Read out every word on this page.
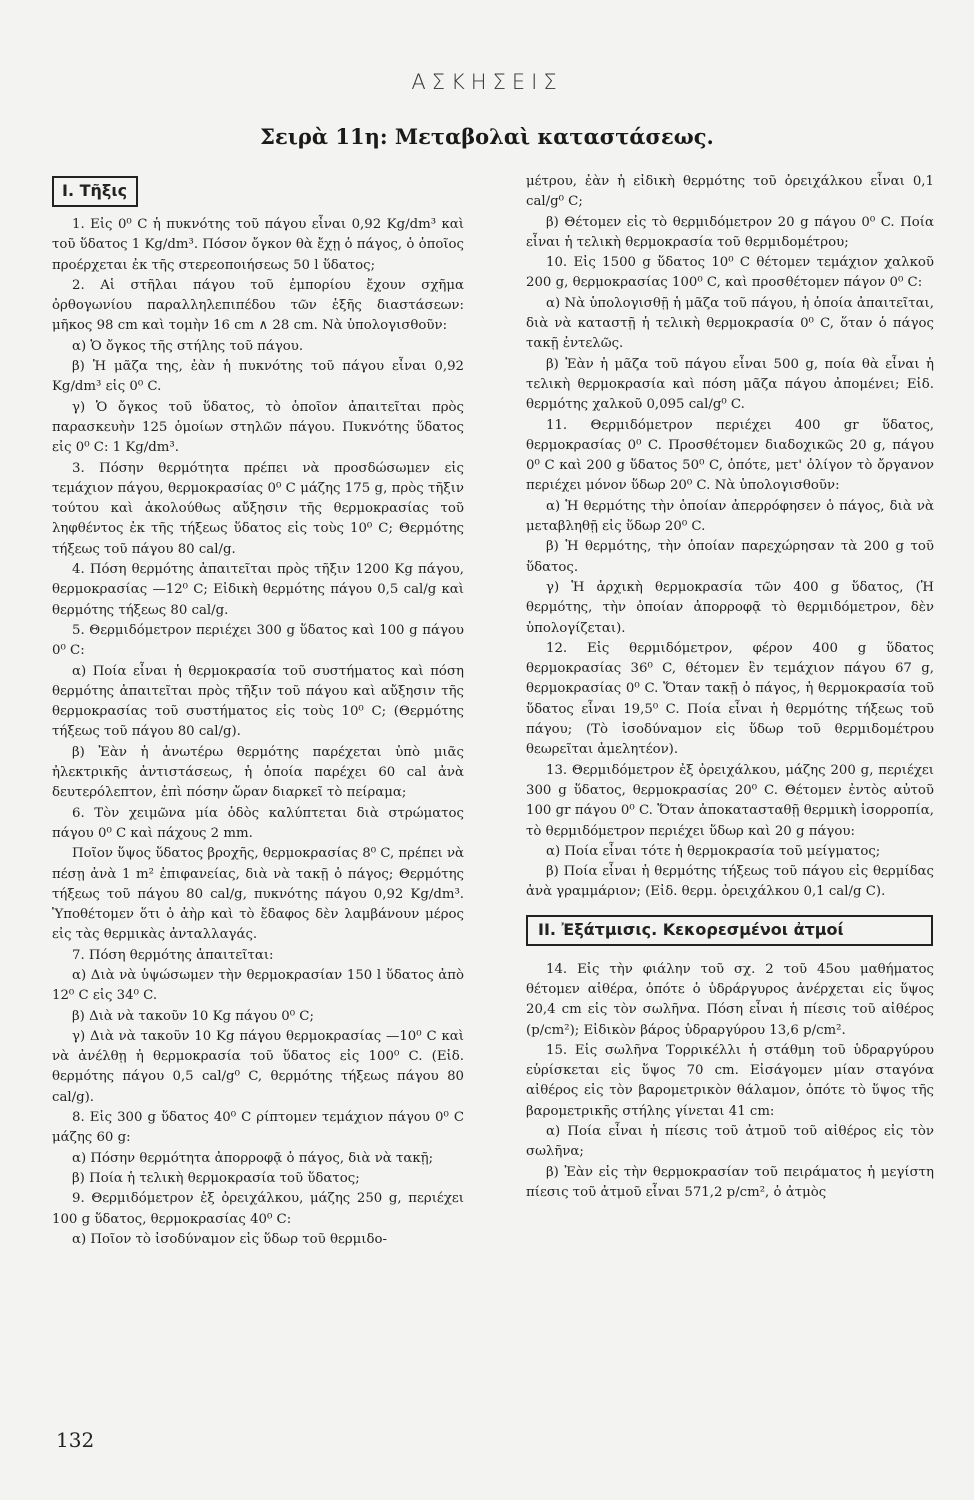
ΑΣΚΗΣΕΙΣ
Σειρὰ 11η: Μεταβολαὶ καταστάσεως.
Ι. Τῆξις

1. Εἰς 0⁰ C ἡ πυκνότης τοῦ πάγου εἶναι 0,92 Kg/dm³ καὶ τοῦ ὕδατος 1 Kg/dm³. Πόσον ὄγκον θὰ ἔχῃ ὁ πάγος, ὁ ὁποῖος προέρχεται ἐκ τῆς στερεοποιήσεως 50 l ὕδατος;

2. Αἱ στῆλαι πάγου τοῦ ἐμπορίου ἔχουν σχῆμα ὀρθογωνίου παραλληλεπιπέδου τῶν ἑξῆς διαστάσεων: μῆκος 98 cm καὶ τομὴν 16 cm ∧ 28 cm. Νὰ ὑπολογισθοῦν:

α) Ὁ ὄγκος τῆς στήλης τοῦ πάγου.

β) Ἡ μᾶζα της, ἐὰν ἡ πυκνότης τοῦ πάγου εἶναι 0,92 Kg/dm³ εἰς 0⁰ C.

γ) Ὁ ὄγκος τοῦ ὕδατος, τὸ ὁποῖον ἀπαιτεῖται πρὸς παρασκευὴν 125 ὁμοίων στηλῶν πάγου. Πυκνότης ὕδατος εἰς 0⁰ C: 1 Kg/dm³.

3. Πόσην θερμότητα πρέπει νὰ προσδώσωμεν εἰς τεμάχιον πάγου, θερμοκρασίας 0⁰ C μάζης 175 g, πρὸς τῆξιν τούτου καὶ ἀκολούθως αὔξησιν τῆς θερμοκρασίας τοῦ ληφθέντος ἐκ τῆς τήξεως ὕδατος εἰς τοὺς 10⁰ C; Θερμότης τήξεως τοῦ πάγου 80 cal/g.

4. Πόση θερμότης ἀπαιτεῖται πρὸς τῆξιν 1200 Kg πάγου, θερμοκρασίας —12⁰ C; Εἰδικὴ θερμότης πάγου 0,5 cal/g καὶ θερμότης τήξεως 80 cal/g.

5. Θερμιδόμετρον περιέχει 300 g ὕδατος καὶ 100 g πάγου 0⁰ C:

α) Ποία εἶναι ἡ θερμοκρασία τοῦ συστήματος καὶ πόση θερμότης ἀπαιτεῖται πρὸς τῆξιν τοῦ πάγου καὶ αὔξησιν τῆς θερμοκρασίας τοῦ συστήματος εἰς τοὺς 10⁰ C; (Θερμότης τήξεως τοῦ πάγου 80 cal/g).

β) Ἐὰν ἡ ἀνωτέρω θερμότης παρέχεται ὑπὸ μιᾶς ἠλεκτρικῆς ἀντιστάσεως, ἡ ὁποία παρέχει 60 cal ἀνὰ δευτερόλεπτον, ἐπὶ πόσην ὥραν διαρκεῖ τὸ πείραμα;

6. Τὸν χειμῶνα μία ὁδὸς καλύπτεται διὰ στρώματος πάγου 0⁰ C καὶ πάχους 2 mm.

Ποῖον ὕψος ὕδατος βροχῆς, θερμοκρασίας 8⁰ C, πρέπει νὰ πέσῃ ἀνὰ 1 m² ἐπιφανείας, διὰ νὰ τακῇ ὁ πάγος; Θερμότης τήξεως τοῦ πάγου 80 cal/g, πυκνότης πάγου 0,92 Kg/dm³. Ὑποθέτομεν ὅτι ὁ ἀὴρ καὶ τὸ ἔδαφος δὲν λαμβάνουν μέρος εἰς τὰς θερμικὰς ἀνταλλαγάς.

7. Πόση θερμότης ἀπαιτεῖται:

α) Διὰ νὰ ὑψώσωμεν τὴν θερμοκρασίαν 150 l ὕδατος ἀπὸ 12⁰ C εἰς 34⁰ C.

β) Διὰ νὰ τακοῦν 10 Kg πάγου 0⁰ C;

γ) Διὰ νὰ τακοῦν 10 Kg πάγου θερμοκρασίας —10⁰ C καὶ νὰ ἀνέλθῃ ἡ θερμοκρασία τοῦ ὕδατος εἰς 100⁰ C. (Εἰδ. θερμότης πάγου 0,5 cal/g⁰ C, θερμότης τήξεως πάγου 80 cal/g).

8. Εἰς 300 g ὕδατος 40⁰ C ρίπτομεν τεμάχιον πάγου 0⁰ C μάζης 60 g:

α) Πόσην θερμότητα ἀπορροφᾷ ὁ πάγος, διὰ νὰ τακῇ;

β) Ποία ἡ τελικὴ θερμοκρασία τοῦ ὕδατος;

9. Θερμιδόμετρον ἐξ ὀρειχάλκου, μάζης 250 g, περιέχει 100 g ὕδατος, θερμοκρασίας 40⁰ C:

α) Ποῖον τὸ ἰσοδύναμον εἰς ὕδωρ τοῦ θερμιδο-

μέτρου, ἐὰν ἡ εἰδικὴ θερμότης τοῦ ὀρειχάλκου εἶναι 0,1 cal/g⁰ C;

β) Θέτομεν εἰς τὸ θερμιδόμετρον 20 g πάγου 0⁰ C. Ποία εἶναι ἡ τελικὴ θερμοκρασία τοῦ θερμιδομέτρου;

10. Εἰς 1500 g ὕδατος 10⁰ C θέτομεν τεμάχιον χαλκοῦ 200 g, θερμοκρασίας 100⁰ C, καὶ προσθέτομεν πάγον 0⁰ C:

α) Νὰ ὑπολογισθῇ ἡ μᾶζα τοῦ πάγου, ἡ ὁποία ἀπαιτεῖται, διὰ νὰ καταστῇ ἡ τελικὴ θερμοκρασία 0⁰ C, ὅταν ὁ πάγος τακῇ ἐντελῶς.

β) Ἐὰν ἡ μᾶζα τοῦ πάγου εἶναι 500 g, ποία θὰ εἶναι ἡ τελικὴ θερμοκρασία καὶ πόση μᾶζα πάγου ἀπομένει; Εἰδ. θερμότης χαλκοῦ 0,095 cal/g⁰ C.

11. Θερμιδόμετρον περιέχει 400 gr ὕδατος, θερμοκρασίας 0⁰ C. Προσθέτομεν διαδοχικῶς 20 g, πάγου 0⁰ C καὶ 200 g ὕδατος 50⁰ C, ὁπότε, μετ' ὀλίγον τὸ ὄργανον περιέχει μόνον ὕδωρ 20⁰ C. Νὰ ὑπολογισθοῦν:

α) Ἡ θερμότης τὴν ὁποίαν ἀπερρόφησεν ὁ πάγος, διὰ νὰ μεταβληθῇ εἰς ὕδωρ 20⁰ C.

β) Ἡ θερμότης, τὴν ὁποίαν παρεχώρησαν τὰ 200 g τοῦ ὕδατος.

γ) Ἡ ἀρχικὴ θερμοκρασία τῶν 400 g ὕδατος, (Ἡ θερμότης, τὴν ὁποίαν ἀπορροφᾷ τὸ θερμιδόμετρον, δὲν ὑπολογίζεται).

12. Εἰς θερμιδόμετρον, φέρον 400 g ὕδατος θερμοκρασίας 36⁰ C, θέτομεν ἓν τεμάχιον πάγου 67 g, θερμοκρασίας 0⁰ C. Ὅταν τακῇ ὁ πάγος, ἡ θερμοκρασία τοῦ ὕδατος εἶναι 19,5⁰ C. Ποία εἶναι ἡ θερμότης τήξεως τοῦ πάγου; (Τὸ ἰσοδύναμον εἰς ὕδωρ τοῦ θερμιδομέτρου θεωρεῖται ἀμελητέον).

13. Θερμιδόμετρον ἐξ ὀρειχάλκου, μάζης 200 g, περιέχει 300 g ὕδατος, θερμοκρασίας 20⁰ C. Θέτομεν ἐντὸς αὐτοῦ 100 gr πάγου 0⁰ C. Ὅταν ἀποκατασταθῇ θερμικὴ ἰσορροπία, τὸ θερμιδόμετρον περιέχει ὕδωρ καὶ 20 g πάγου:

α) Ποία εἶναι τότε ἡ θερμοκρασία τοῦ μείγματος;

β) Ποία εἶναι ἡ θερμότης τήξεως τοῦ πάγου εἰς θερμίδας ἀνὰ γραμμάριον; (Εἰδ. θερμ. ὀρειχάλκου 0,1 cal/g C).

ΙΙ. Ἐξάτμισις. Κεκορεσμένοι ἀτμοί

14. Εἰς τὴν φιάλην τοῦ σχ. 2 τοῦ 45ου μαθήματος θέτομεν αἰθέρα, ὁπότε ὁ ὑδράργυρος ἀνέρχεται εἰς ὕψος 20,4 cm εἰς τὸν σωλῆνα. Πόση εἶναι ἡ πίεσις τοῦ αἰθέρος (p/cm²); Εἰδικὸν βάρος ὑδραργύρου 13,6 p/cm².

15. Εἰς σωλῆνα Τορρικέλλι ἡ στάθμη τοῦ ὑδραργύρου εὑρίσκεται εἰς ὕψος 70 cm. Εἰσάγομεν μίαν σταγόνα αἰθέρος εἰς τὸν βαρομετρικὸν θάλαμον, ὁπότε τὸ ὕψος τῆς βαρομετρικῆς στήλης γίνεται 41 cm:

α) Ποία εἶναι ἡ πίεσις τοῦ ἀτμοῦ τοῦ αἰθέρος εἰς τὸν σωλῆνα;

β) Ἐὰν εἰς τὴν θερμοκρασίαν τοῦ πειράματος ἡ μεγίστη πίεσις τοῦ ἀτμοῦ εἶναι 571,2 p/cm², ὁ ἀτμὸς

132
